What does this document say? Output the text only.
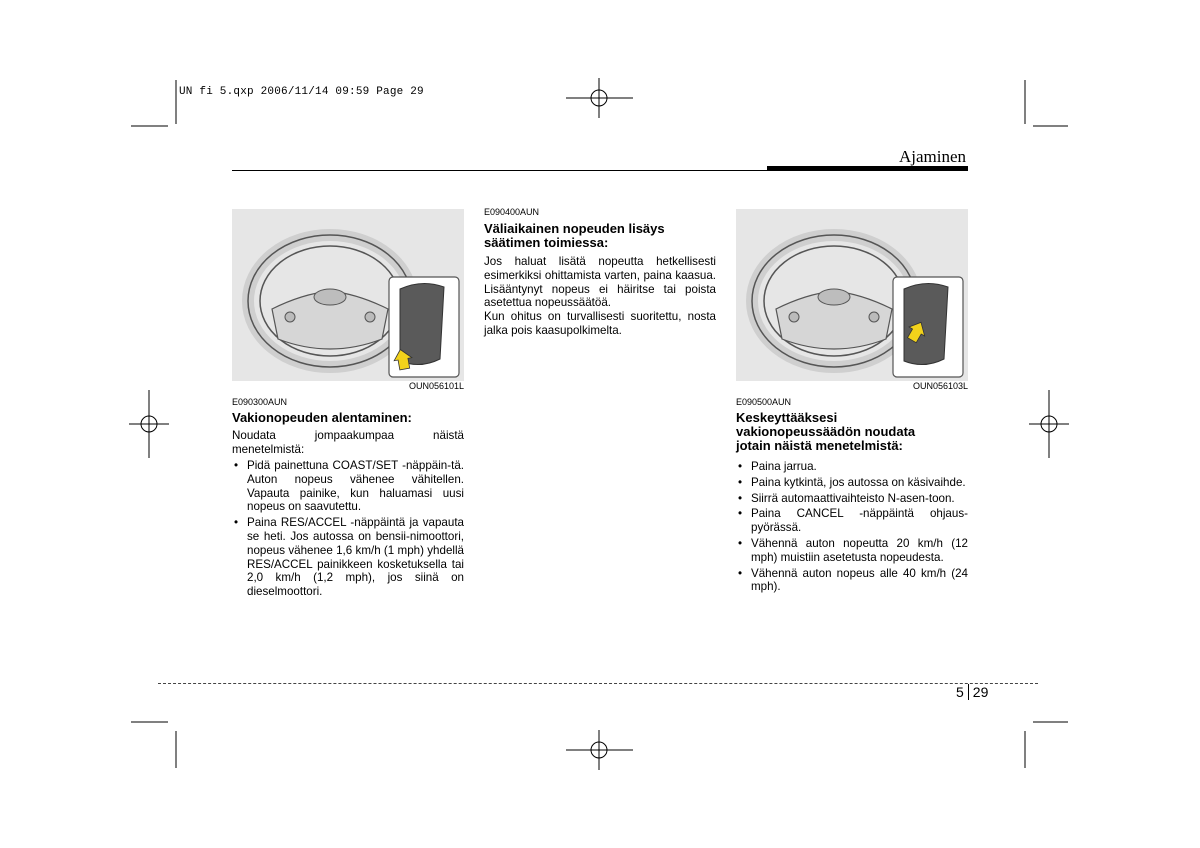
UN fi 5.qxp 2006/11/14 09:59 Page 29
Ajaminen
OUN056101L
E090300AUN
Vakionopeuden alentaminen:
Noudata jompaakumpaa näistä menetelmistä:
• Pidä painettuna COAST/SET -näppäin-tä. Auton nopeus vähenee vähitellen. Vapauta painike, kun haluamasi uusi nopeus on saavutettu.
• Paina RES/ACCEL -näppäintä ja vapauta se heti. Jos autossa on bensii-nimoottori, nopeus vähenee 1,6 km/h (1 mph) yhdellä RES/ACCEL painikkeen kosketuksella tai 2,0 km/h (1,2 mph), jos siinä on dieselmoottori.
E090400AUN
Väliaikainen nopeuden lisäys säätimen toimiessa:

Jos haluat lisätä nopeutta hetkellisesti esimerkiksi ohittamista varten, paina kaasua. Lisääntynyt nopeus ei häiritse tai poista asetettua nopeussäätöä.

Kun ohitus on turvallisesti suoritettu, nosta jalka pois kaasupolkimelta.

OUN056103L
E090500AUN
Keskeyttääksesi vakionopeussäädön noudata jotain näistä menetelmistä:
• Paina jarrua.
• Paina kytkintä, jos autossa on käsivaihde.
• Siirrä automaattivaihteisto N-asen-toon.
• Paina CANCEL -näppäintä ohjaus-pyörässä.
• Vähennä auton nopeutta 20 km/h (12 mph) muistiin asetetusta nopeudesta.
• Vähennä auton nopeus alle 40 km/h (24 mph).
5 29
